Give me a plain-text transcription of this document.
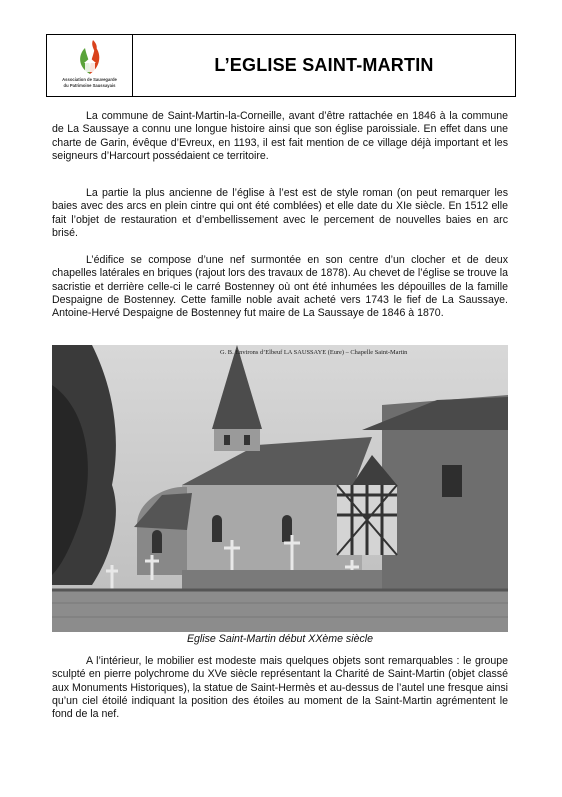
Association de Sauvegarde
du Patrimoine Saussayais
L’EGLISE SAINT-MARTIN

La commune de Saint-Martin-la-Corneille, avant d’être rattachée en 1846 à la commune de La Saussaye a connu une longue histoire ainsi que son église paroissiale. En effet dans une charte de Garin, évêque d’Evreux, en 1193, il est fait mention de ce village déjà important et les seigneurs d’Harcourt possédaient ce territoire.

La partie la plus ancienne de l’église à l’est est de style roman (on peut remarquer les baies avec des arcs en plein cintre qui ont été comblées) et elle date du XIe siècle. En 1512 elle fait l’objet de restauration et d’embellissement avec le percement de nouvelles baies en arc brisé.

L’édifice se compose d’une nef surmontée en son centre d’un clocher et de deux chapelles latérales en briques (rajout lors des travaux de 1878). Au chevet de l’église se trouve la sacristie et derrière celle-ci le carré Bostenney où ont été inhumées les dépouilles de la famille Despaigne de Bostenney. Cette famille noble avait acheté vers 1743 le fief de La Saussaye. Antoine-Hervé Despaigne de Bostenney fut maire de La Saussaye de 1846 à 1870.

G. B. Environs d’Elbeuf LA SAUSSAYE (Eure) – Chapelle Saint-Martin
Eglise Saint-Martin début XXème siècle

A l’intérieur, le mobilier est modeste mais quelques objets sont remarquables : le groupe sculpté en pierre polychrome du XVe siècle représentant la Charité de Saint-Martin (objet classé aux Monuments Historiques), la statue de Saint-Hermès et au-dessus de l’autel une fresque ainsi qu’un ciel étoilé indiquant la position des étoiles au moment de la Saint-Martin agrémentent le fond de la nef.
